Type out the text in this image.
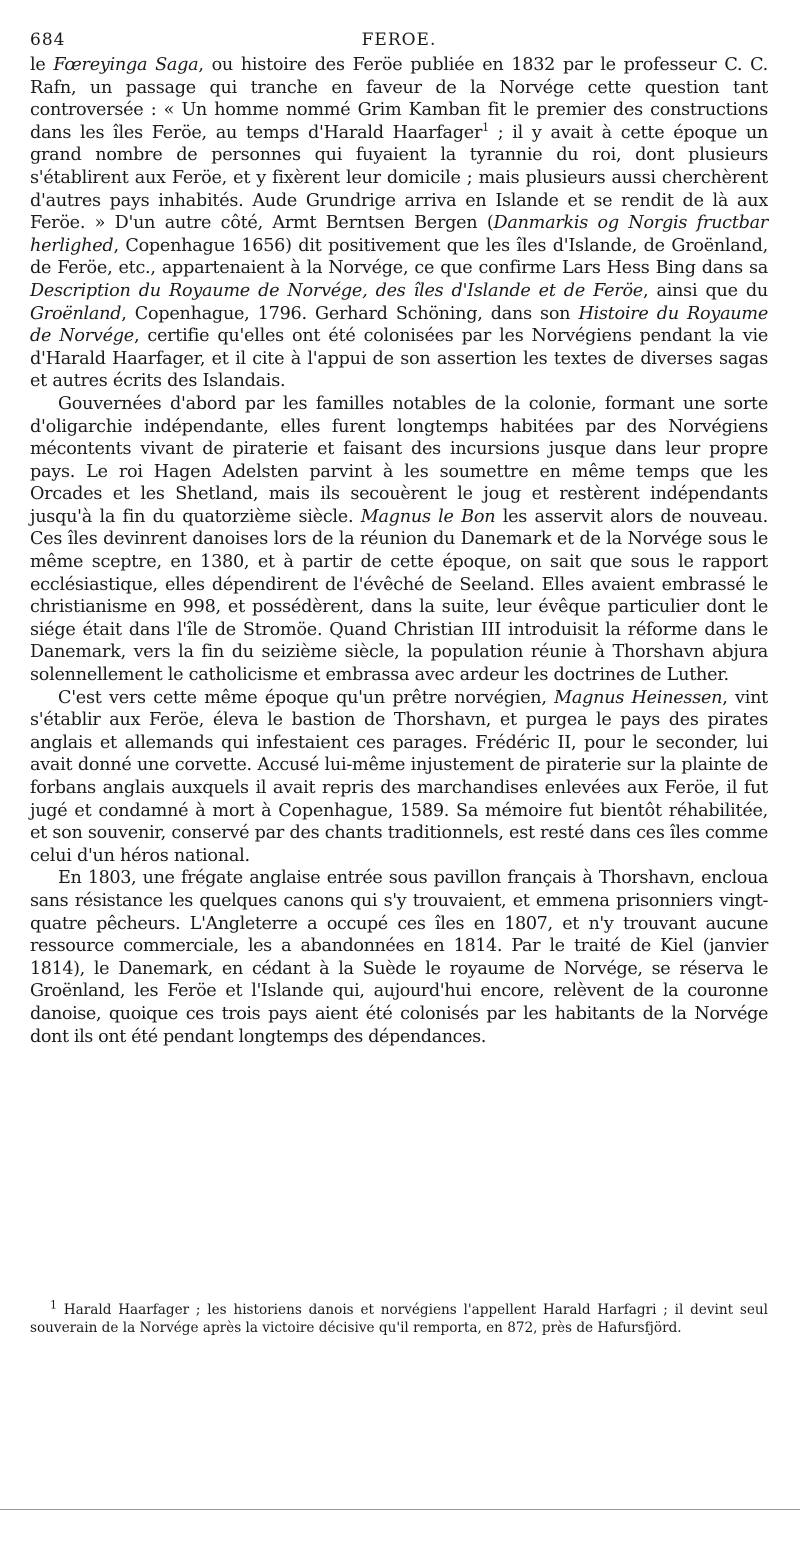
684	FEROE.

le Fœreyinga Saga, ou histoire des Feröe publiée en 1832 par le professeur C. C. Rafn, un passage qui tranche en faveur de la Norvége cette question tant controversée : « Un homme nommé Grim Kamban fit le premier des constructions dans les îles Feröe, au temps d'Harald Haarfager$^1$ ; il y avait à cette époque un grand nombre de personnes qui fuyaient la tyrannie du roi, dont plusieurs s'établirent aux Feröe, et y fixèrent leur domicile ; mais plusieurs aussi cherchèrent d'autres pays inhabités. Aude Grundrige arriva en Islande et se rendit de là aux Feröe. » D'un autre côté, Armt Berntsen Bergen (Danmarkis og Norgis fructbar herlighed, Copenhague 1656) dit positivement que les îles d'Islande, de Groënland, de Feröe, etc., appartenaient à la Norvége, ce que confirme Lars Hess Bing dans sa Description du Royaume de Norvége, des îles d'Islande et de Feröe, ainsi que du Groënland, Copenhague, 1796. Gerhard Schöning, dans son Histoire du Royaume de Norvége, certifie qu'elles ont été colonisées par les Norvégiens pendant la vie d'Harald Haarfager, et il cite à l'appui de son assertion les textes de diverses sagas et autres écrits des Islandais.

Gouvernées d'abord par les familles notables de la colonie, formant une sorte d'oligarchie indépendante, elles furent longtemps habitées par des Norvégiens mécontents vivant de piraterie et faisant des incursions jusque dans leur propre pays. Le roi Hagen Adelsten parvint à les soumettre en même temps que les Orcades et les Shetland, mais ils secouèrent le joug et restèrent indépendants jusqu'à la fin du quatorzième siècle. Magnus le Bon les asservit alors de nouveau. Ces îles devinrent danoises lors de la réunion du Danemark et de la Norvége sous le même sceptre, en 1380, et à partir de cette époque, on sait que sous le rapport ecclésiastique, elles dépendirent de l'évêché de Seeland. Elles avaient embrassé le christianisme en 998, et possédèrent, dans la suite, leur évêque particulier dont le siége était dans l'île de Stromöe. Quand Christian III introduisit la réforme dans le Danemark, vers la fin du seizième siècle, la population réunie à Thorshavn abjura solennellement le catholicisme et embrassa avec ardeur les doctrines de Luther.

C'est vers cette même époque qu'un prêtre norvégien, Magnus Heinessen, vint s'établir aux Feröe, éleva le bastion de Thorshavn, et purgea le pays des pirates anglais et allemands qui infestaient ces parages. Frédéric II, pour le seconder, lui avait donné une corvette. Accusé lui-même injustement de piraterie sur la plainte de forbans anglais auxquels il avait repris des marchandises enlevées aux Feröe, il fut jugé et condamné à mort à Copenhague, 1589. Sa mémoire fut bientôt réhabilitée, et son souvenir, conservé par des chants traditionnels, est resté dans ces îles comme celui d'un héros national.

En 1803, une frégate anglaise entrée sous pavillon français à Thorshavn, encloua sans résistance les quelques canons qui s'y trouvaient, et emmena prisonniers vingt-quatre pêcheurs. L'Angleterre a occupé ces îles en 1807, et n'y trouvant aucune ressource commerciale, les a abandonnées en 1814. Par le traité de Kiel (janvier 1814), le Danemark, en cédant à la Suède le royaume de Norvége, se réserva le Groënland, les Feröe et l'Islande qui, aujourd'hui encore, relèvent de la couronne danoise, quoique ces trois pays aient été colonisés par les habitants de la Norvége dont ils ont été pendant longtemps des dépendances.

$^1$ Harald Haarfager ; les historiens danois et norvégiens l'appellent Harald Harfagri ; il devint seul souverain de la Norvége après la victoire décisive qu'il remporta, en 872, près de Hafursfjörd.
